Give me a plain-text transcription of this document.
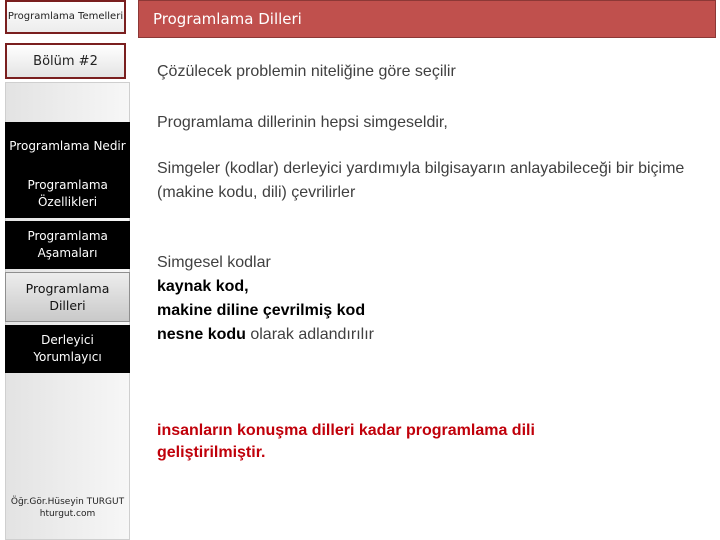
Programlama Temelleri
Bölüm #2
Programlama Nedir
Programlama Özellikleri
Programlama Aşamaları
Programlama Dilleri
Derleyici Yorumlayıcı
Öğr.Gör.Hüseyin TURGUT
hturgut.com
Programlama Dilleri
Çözülecek problemin niteliğine göre seçilir
Programlama dillerinin hepsi simgeseldir,
Simgeler (kodlar) derleyici yardımıyla bilgisayarın anlayabileceği bir biçime (makine kodu, dili) çevrilirler
Simgesel kodlar
kaynak kod,
makine diline çevrilmiş kod
nesne kodu olarak adlandırılır
insanların konuşma dilleri kadar programlama dili geliştirilmiştir.
